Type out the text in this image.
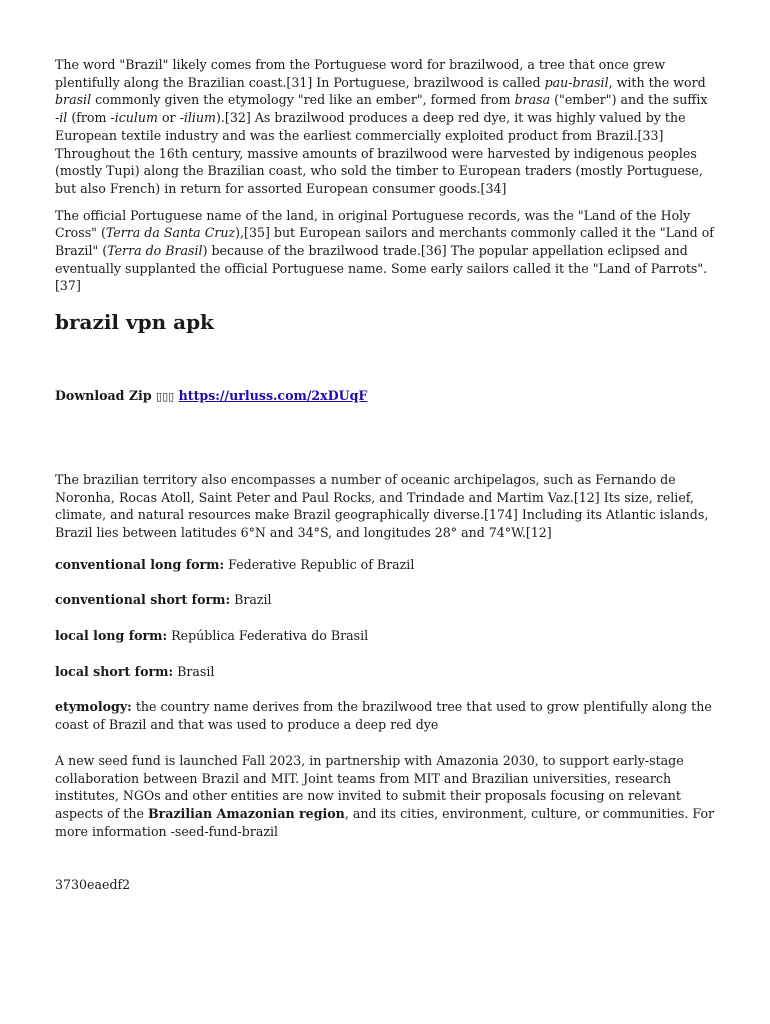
The word "Brazil" likely comes from the Portuguese word for brazilwood, a tree that once grew plentifully along the Brazilian coast.[31] In Portuguese, brazilwood is called pau-brasil, with the word brasil commonly given the etymology "red like an ember", formed from brasa ("ember") and the suffix -il (from -iculum or -ilium).[32] As brazilwood produces a deep red dye, it was highly valued by the European textile industry and was the earliest commercially exploited product from Brazil.[33] Throughout the 16th century, massive amounts of brazilwood were harvested by indigenous peoples (mostly Tupi) along the Brazilian coast, who sold the timber to European traders (mostly Portuguese, but also French) in return for assorted European consumer goods.[34]

The official Portuguese name of the land, in original Portuguese records, was the "Land of the Holy Cross" (Terra da Santa Cruz),[35] but European sailors and merchants commonly called it the "Land of Brazil" (Terra do Brasil) because of the brazilwood trade.[36] The popular appellation eclipsed and eventually supplanted the official Portuguese name. Some early sailors called it the "Land of Parrots".[37]

brazil vpn apk

Download Zip ▯▯▯ https://urluss.com/2xDUqF

The brazilian territory also encompasses a number of oceanic archipelagos, such as Fernando de Noronha, Rocas Atoll, Saint Peter and Paul Rocks, and Trindade and Martim Vaz.[12] Its size, relief, climate, and natural resources make Brazil geographically diverse.[174] Including its Atlantic islands, Brazil lies between latitudes 6°N and 34°S, and longitudes 28° and 74°W.[12]

conventional long form: Federative Republic of Brazil

conventional short form: Brazil

local long form: República Federativa do Brasil

local short form: Brasil

etymology: the country name derives from the brazilwood tree that used to grow plentifully along the coast of Brazil and that was used to produce a deep red dye

A new seed fund is launched Fall 2023, in partnership with Amazonia 2030, to support early-stage collaboration between Brazil and MIT. Joint teams from MIT and Brazilian universities, research institutes, NGOs and other entities are now invited to submit their proposals focusing on relevant aspects of the Brazilian Amazonian region, and its cities, environment, culture, or communities. For more information -seed-fund-brazil

3730eaedf2
